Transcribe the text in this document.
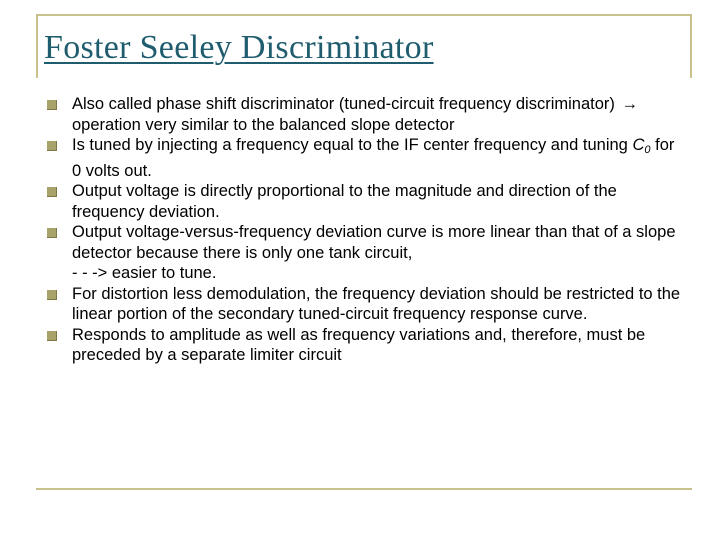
Foster Seeley Discriminator
Also called phase shift discriminator (tuned-circuit frequency discriminator) → operation very similar to the balanced slope detector
Is tuned by injecting a frequency equal to the IF center frequency and tuning C0 for 0 volts out.
Output voltage is directly proportional to the magnitude and direction of the frequency deviation.
Output voltage-versus-frequency deviation curve is more linear than that of a slope detector because there is only one tank circuit,
- - -> easier to tune.
For distortion less demodulation, the frequency deviation should be restricted to the linear portion of the secondary tuned-circuit frequency response curve.
Responds to amplitude as well as frequency variations and, therefore, must be preceded by a separate limiter circuit
